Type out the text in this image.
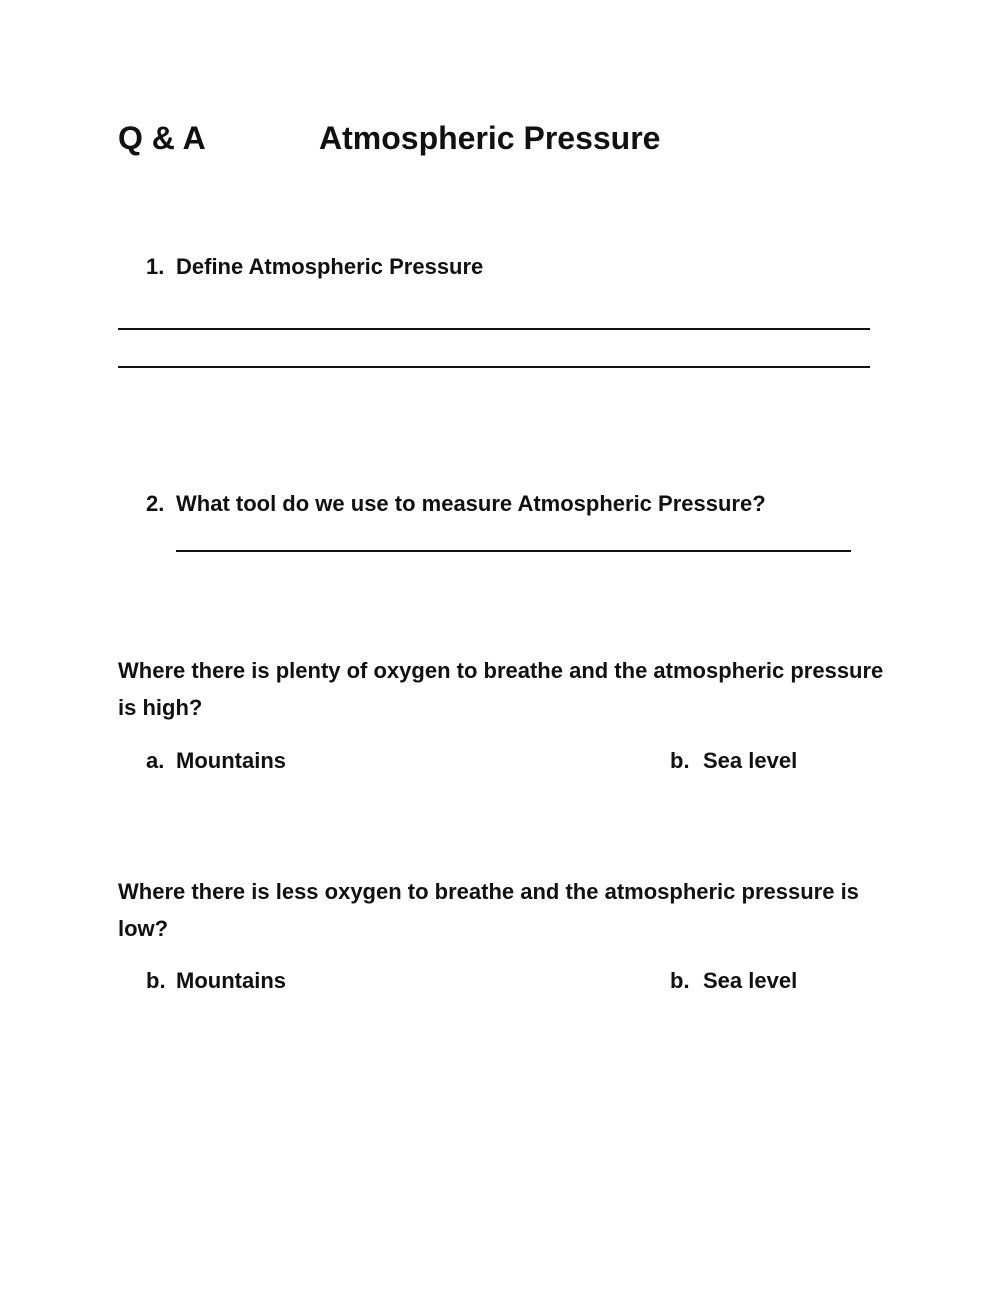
Q & A	Atmospheric Pressure
1. Define Atmospheric Pressure
2. What tool do we use to measure Atmospheric Pressure?
Where there is plenty of oxygen to breathe and the atmospheric pressure is high?
a. Mountains	b. Sea level
Where there is less oxygen to breathe and the atmospheric pressure is low?
b. Mountains	b. Sea level
